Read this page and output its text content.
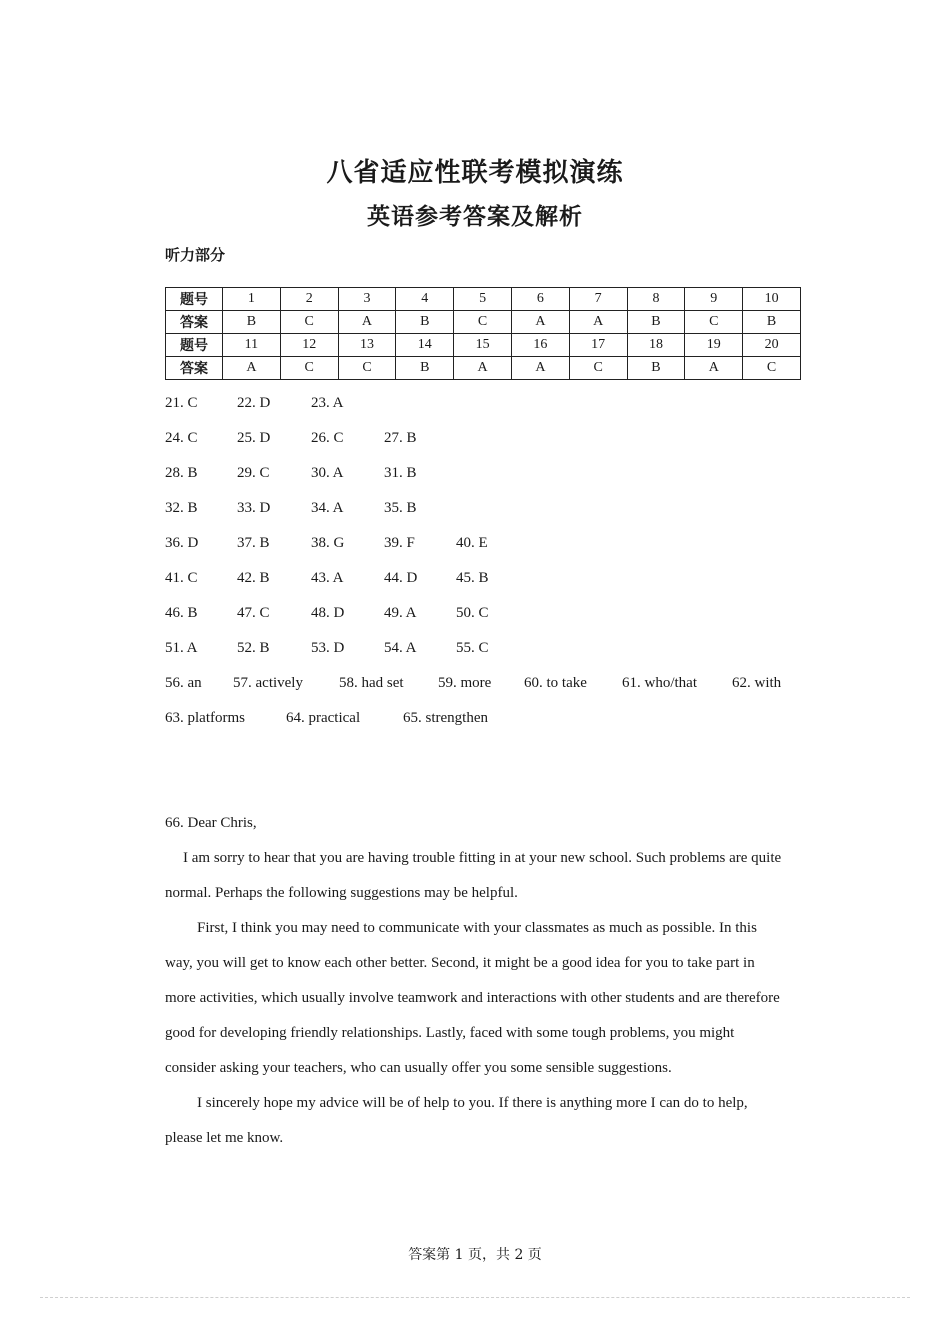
八省适应性联考模拟演练
英语参考答案及解析

听力部分

题号	1	2	3	4	5	6	7	8	9	10
答案	B	C	A	B	C	A	A	B	C	B
题号	11	12	13	14	15	16	17	18	19	20
答案	A	C	C	B	A	A	C	B	A	C
21. C	22. D	23. A
24. C	25. D	26. C	27. B
28. B	29. C	30. A	31. B
32. B	33. D	34. A	35. B
36. D	37. B	38. G	39. F	40. E
41. C	42. B	43. A	44. D	45. B
46. B	47. C	48. D	49. A	50. C
51. A	52. B	53. D	54. A	55. C
56. an 57. actively 58. had set 59. more 60. to take 61. who/that 62. with
63. platforms	64. practical	65. strengthen

66. Dear Chris,

I am sorry to hear that you are having trouble fitting in at your new school. Such problems are quite normal. Perhaps the following suggestions may be helpful.

First, I think you may need to communicate with your classmates as much as possible. In this way, you will get to know each other better. Second, it might be a good idea for you to take part in more activities, which usually involve teamwork and interactions with other students and are therefore good for developing friendly relationships. Lastly, faced with some tough problems, you might consider asking your teachers, who can usually offer you some sensible suggestions.

I sincerely hope my advice will be of help to you. If there is anything more I can do to help, please let me know.

答案第 1 页，共 2 页
